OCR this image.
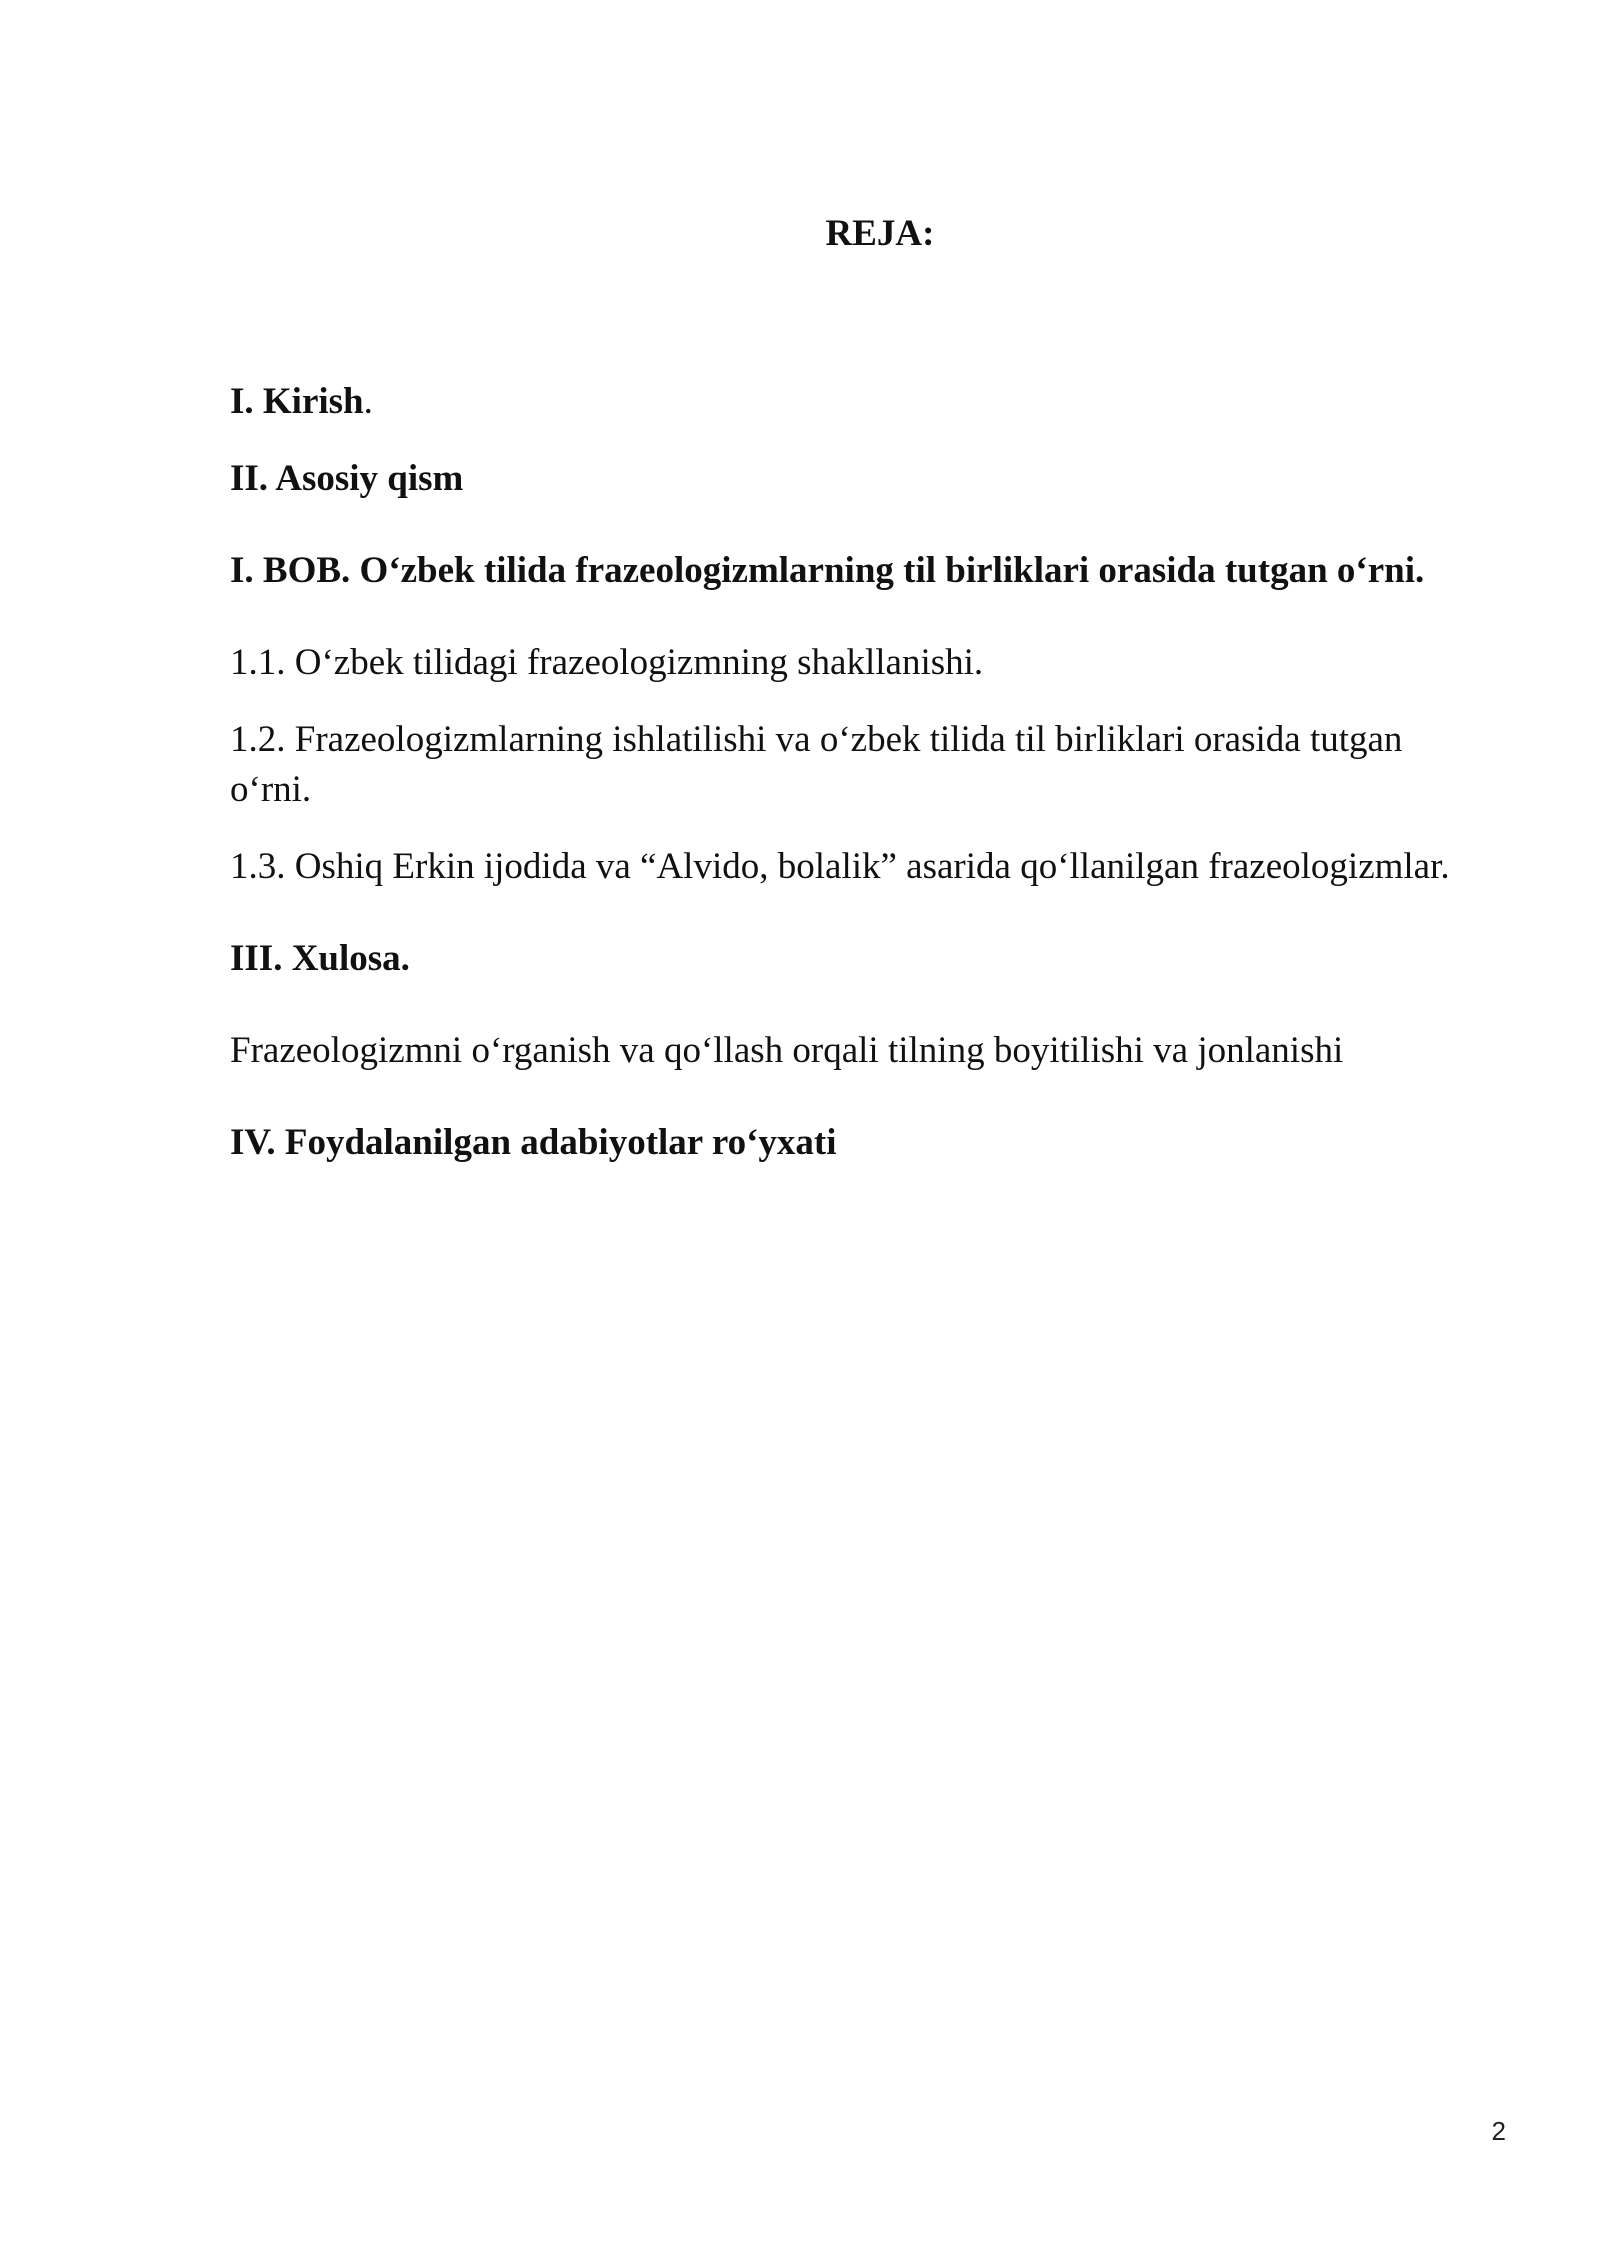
REJA:

I. Kirish.

II. Asosiy qism

I. BOB. O‘zbek tilida frazeologizmlarning til birliklari orasida tutgan o‘rni.

1.1. O‘zbek tilidagi frazeologizmning shakllanishi.

1.2. Frazeologizmlarning ishlatilishi va o‘zbek tilida til birliklari orasida tutgan o‘rni.

1.3. Oshiq Erkin ijodida va “Alvido, bolalik” asarida qo‘llanilgan frazeologizmlar.

III. Xulosa.

Frazeologizmni o‘rganish va qo‘llash orqali tilning boyitilishi va jonlanishi

IV. Foydalanilgan adabiyotlar ro‘yxati

2
